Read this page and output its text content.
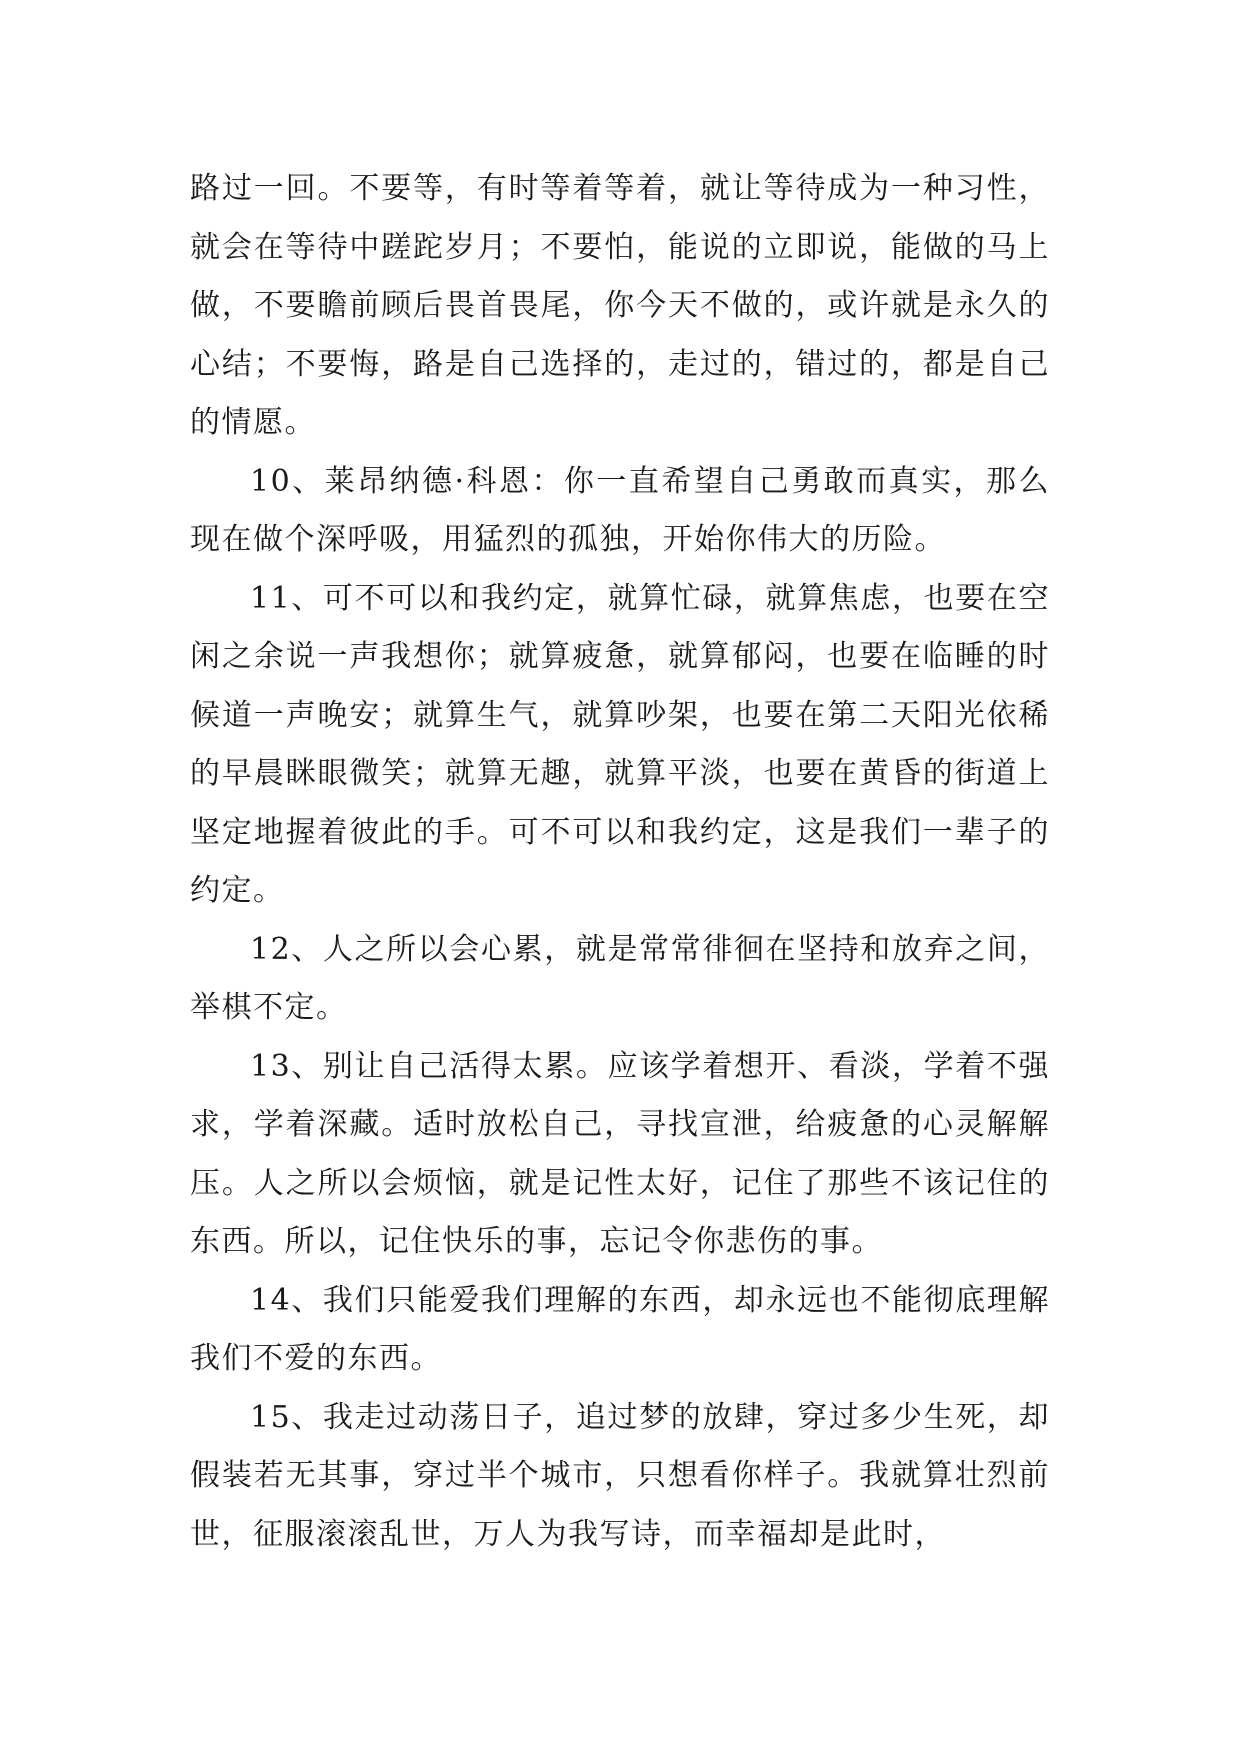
路过一回。不要等，有时等着等着，就让等待成为一种习性，就会在等待中蹉跎岁月；不要怕，能说的立即说，能做的马上做，不要瞻前顾后畏首畏尾，你今天不做的，或许就是永久的心结；不要悔，路是自己选择的，走过的，错过的，都是自己的情愿。

10、莱昂纳德·科恩：你一直希望自己勇敢而真实，那么现在做个深呼吸，用猛烈的孤独，开始你伟大的历险。

11、可不可以和我约定，就算忙碌，就算焦虑，也要在空闲之余说一声我想你；就算疲惫，就算郁闷，也要在临睡的时候道一声晚安；就算生气，就算吵架，也要在第二天阳光依稀的早晨眯眼微笑；就算无趣，就算平淡，也要在黄昏的街道上坚定地握着彼此的手。可不可以和我约定，这是我们一辈子的约定。

12、人之所以会心累，就是常常徘徊在坚持和放弃之间，举棋不定。

13、别让自己活得太累。应该学着想开、看淡，学着不强求，学着深藏。适时放松自己，寻找宣泄，给疲惫的心灵解解压。人之所以会烦恼，就是记性太好，记住了那些不该记住的东西。所以，记住快乐的事，忘记令你悲伤的事。

14、我们只能爱我们理解的东西，却永远也不能彻底理解我们不爱的东西。

15、我走过动荡日子，追过梦的放肆，穿过多少生死，却假装若无其事，穿过半个城市，只想看你样子。我就算壮烈前世，征服滚滚乱世，万人为我写诗，而幸福却是此时，
